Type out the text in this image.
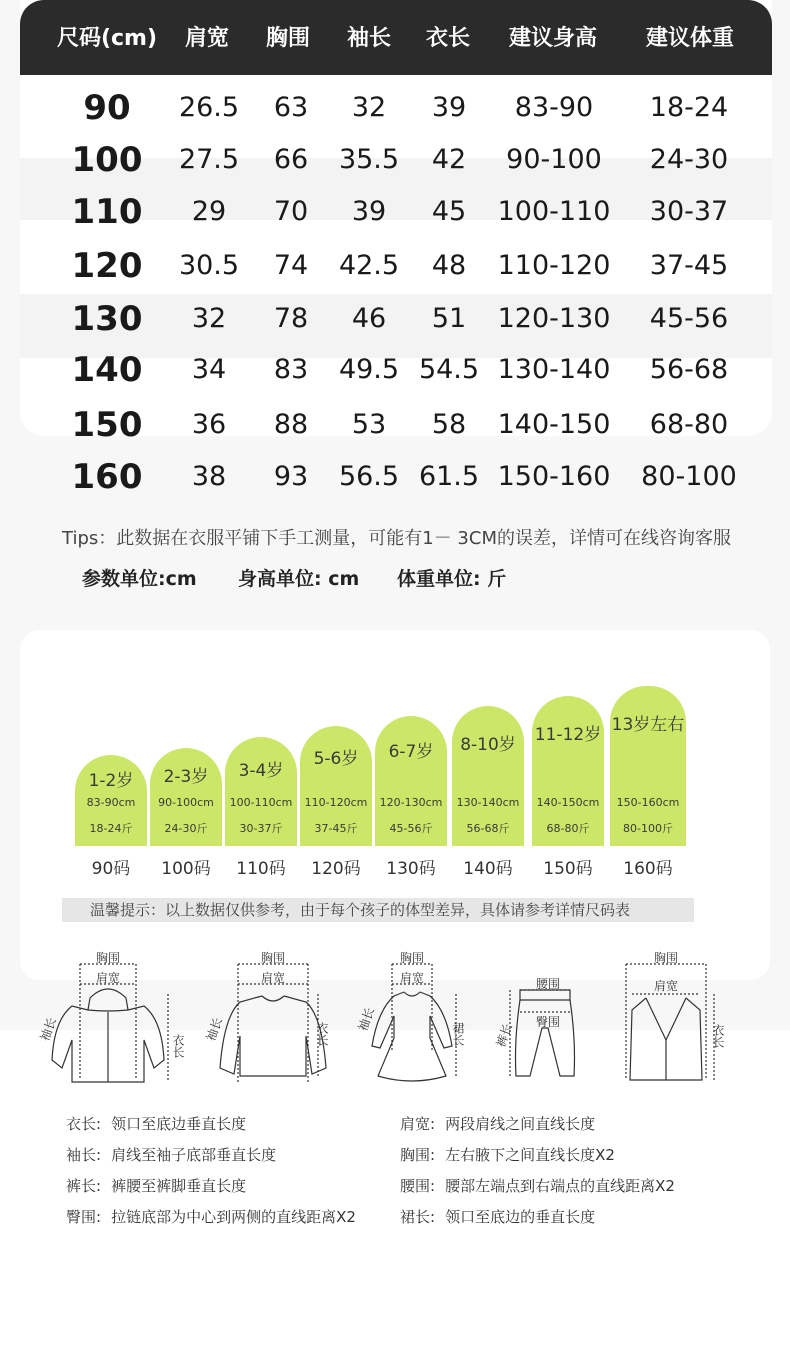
尺码(cm) 肩宽 胸围 袖长 衣长 建议身高 建议体重
90 26.5 63 32 39 83-90 18-24
100 27.5 66 35.5 42 90-100 24-30
110 29 70 39 45 100-110 30-37
120 30.5 74 42.5 48 110-120 37-45
130 32 78 46 51 120-130 45-56
140 34 83 49.5 54.5 130-140 56-68
150 36 88 53 58 140-150 68-80
160 38 93 56.5 61.5 150-160 80-100
Tips：此数据在衣服平铺下手工测量，可能有1－ 3CM的误差，详情可在线咨询客服
参数单位:cm 身高单位: cm 体重单位: 斤
1-2岁
83-90cm
18-24斤
90码
2-3岁
90-100cm
24-30斤
100码
3-4岁
100-110cm
30-37斤
110码
5-6岁
110-120cm
37-45斤
120码
6-7岁
120-130cm
45-56斤
130码
8-10岁
130-140cm
56-68斤
140码
11-12岁
140-150cm
68-80斤
150码
13岁左右
150-160cm
80-100斤
160码
温馨提示：以上数据仅供参考，由于每个孩子的体型差异，具体请参考详情尺码表
胸围
肩宽
袖长
衣长
胸围
肩宽
袖长	衣长
胸围
肩宽
袖长
裙长
腰围
臀围
裤长
胸围
肩宽
衣长
衣长: 领口至底边垂直长度
袖长: 肩线至袖子底部垂直长度
裤长: 裤腰至裤脚垂直长度
臀围: 拉链底部为中心到两侧的直线距离X2
肩宽: 两段肩线之间直线长度
胸围: 左右腋下之间直线长度X2
腰围: 腰部左端点到右端点的直线距离X2
裙长: 领口至底边的垂直长度
